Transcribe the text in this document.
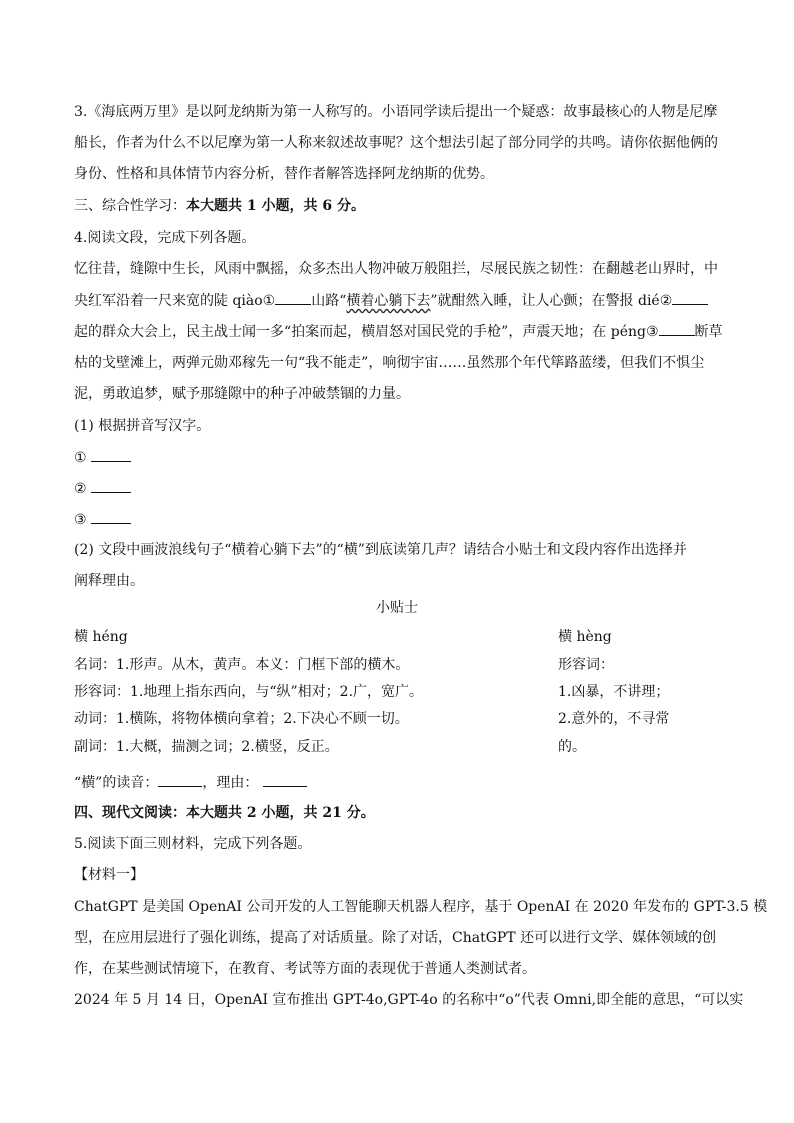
3.《海底两万里》是以阿龙纳斯为第一人称写的。小语同学读后提出一个疑惑：故事最核心的人物是尼摩
船长，作者为什么不以尼摩为第一人称来叙述故事呢？这个想法引起了部分同学的共鸣。请你依据他俩的
身份、性格和具体情节内容分析，替作者解答选择阿龙纳斯的优势。
三、综合性学习：本大题共 1 小题，共 6 分。
4.阅读文段，完成下列各题。
忆往昔，缝隙中生长，风雨中飘摇，众多杰出人物冲破万般阻拦，尽展民族之韧性：在翻越老山界时，中
央红军沿着一尺来宽的陡 qiào①	山路“横着心躺下去”就酣然入睡，让人心颤；在警报 dié②
起的群众大会上，民主战士闻一多“拍案而起，横眉怒对国民党的手枪”，声震天地；在 péng③	断草
枯的戈壁滩上，两弹元勋邓稼先一句“我不能走”，响彻宇宙……虽然那个年代筚路蓝缕，但我们不惧尘
泥，勇敢追梦，赋予那缝隙中的种子冲破禁锢的力量。
(1) 根据拼音写汉字。
①
②
③
(2) 文段中画波浪线句子“横着心躺下去”的“横”到底读第几声？请结合小贴士和文段内容作出选择并
阐释理由。
小贴士
横 héng
名词：1.形声。从木，黄声。本义：门框下部的横木。
形容词：1.地理上指东西向，与“纵”相对；2.广，宽广。
动词：1.横陈，将物体横向拿着；2.下决心不顾一切。
副词：1.大概，揣测之词；2.横竖，反正。
横 hèng
形容词：
1.凶暴，不讲理；
2.意外的，不寻常
的。
“横”的读音：	，理由：
四、现代文阅读：本大题共 2 小题，共 21 分。
5.阅读下面三则材料，完成下列各题。
【材料一】
ChatGPT 是美国 OpenAI 公司开发的人工智能聊天机器人程序，基于 OpenAI 在 2020 年发布的 GPT-3.5 模
型，在应用层进行了强化训练，提高了对话质量。除了对话，ChatGPT 还可以进行文学、媒体领域的创
作，在某些测试情境下，在教育、考试等方面的表现优于普通人类测试者。
2024 年 5 月 14 日，OpenAI 宣布推出 GPT-4o,GPT-4o 的名称中“o”代表 Omni,即全能的意思，“可以实
